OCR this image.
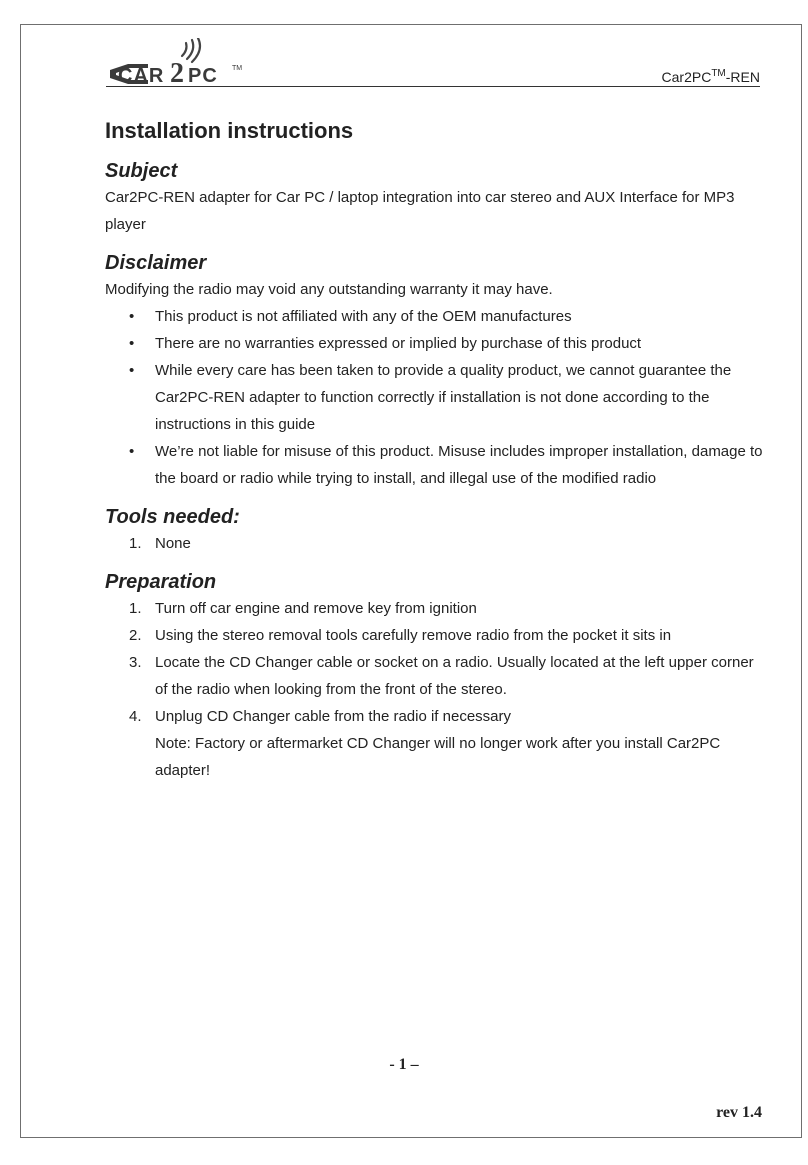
CAR 2 PC TM
Car2PC™-REN
Installation instructions
Subject

Car2PC-REN adapter for Car PC / laptop integration into car stereo and AUX Interface for MP3 player

Disclaimer

Modifying the radio may void any outstanding warranty it may have.

• This product is not affiliated with any of the OEM manufactures
• There are no warranties expressed or implied by purchase of this product
• While every care has been taken to provide a quality product, we cannot guarantee the Car2PC-REN adapter to function correctly if installation is not done according to the instructions in this guide
• We’re not liable for misuse of this product. Misuse includes improper installation, damage to the board or radio while trying to install, and illegal use of the modified radio
Tools needed:
1. None
Preparation
1. Turn off car engine and remove key from ignition
2. Using the stereo removal tools carefully remove radio from the pocket it sits in
3. Locate the CD Changer cable or socket on a radio. Usually located at the left upper corner of the radio when looking from the front of the stereo.
4. Unplug CD Changer cable from the radio if necessary
Note: Factory or aftermarket CD Changer will no longer work after you install Car2PC adapter!
- 1 –
rev 1.4
